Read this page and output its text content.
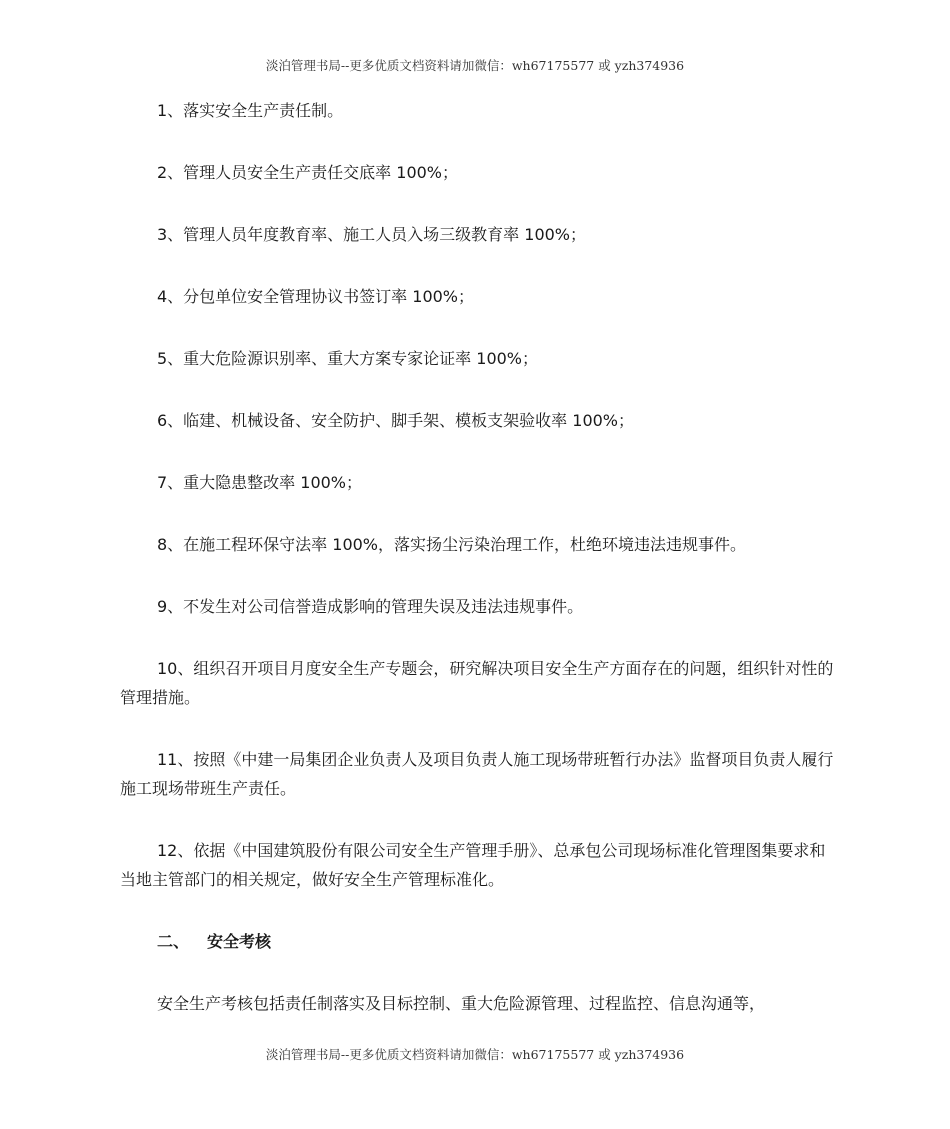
淡泊管理书局--更多优质文档资料请加微信：wh67175577 或 yzh374936

1、落实安全生产责任制。

2、管理人员安全生产责任交底率 100%；

3、管理人员年度教育率、施工人员入场三级教育率 100%；

4、分包单位安全管理协议书签订率 100%；

5、重大危险源识别率、重大方案专家论证率 100%；

6、临建、机械设备、安全防护、脚手架、模板支架验收率 100%；

7、重大隐患整改率 100%；

8、在施工程环保守法率 100%，落实扬尘污染治理工作，杜绝环境违法违规事件。

9、不发生对公司信誉造成影响的管理失误及违法违规事件。

10、组织召开项目月度安全生产专题会，研究解决项目安全生产方面存在的问题，组织针对性的管理措施。

11、按照《中建一局集团企业负责人及项目负责人施工现场带班暂行办法》监督项目负责人履行施工现场带班生产责任。

12、依据《中国建筑股份有限公司安全生产管理手册》、总承包公司现场标准化管理图集要求和当地主管部门的相关规定，做好安全生产管理标准化。

二、 安全考核

安全生产考核包括责任制落实及目标控制、重大危险源管理、过程监控、信息沟通等，

淡泊管理书局--更多优质文档资料请加微信：wh67175577 或 yzh374936
